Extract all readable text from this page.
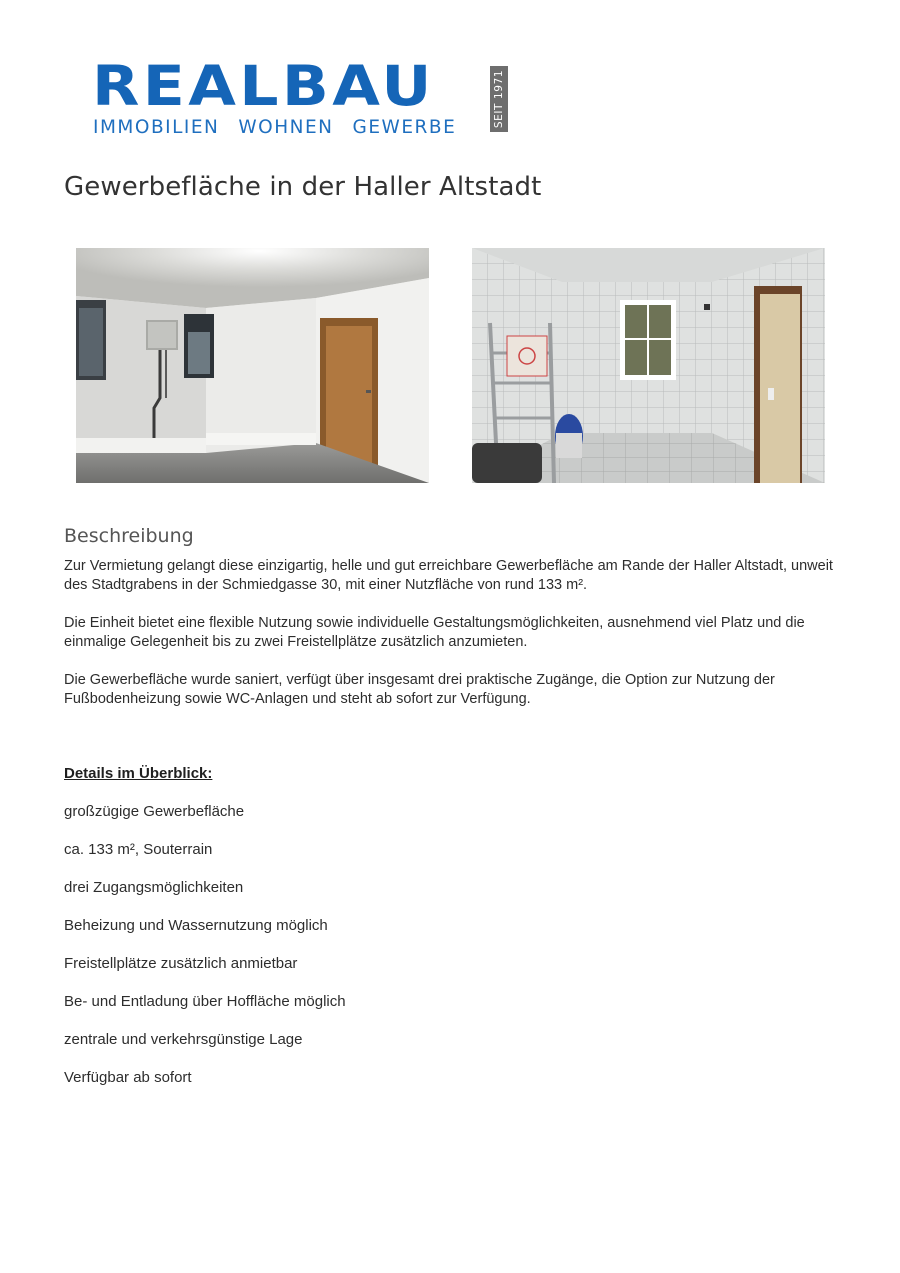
REALBAU
IMMOBILIEN WOHNEN GEWERBE	SEIT 1971
Gewerbefläche in der Haller Altstadt
Beschreibung

Zur Vermietung gelangt diese einzigartig, helle und gut erreichbare Gewerbefläche am Rande der Haller Altstadt, unweit des Stadtgrabens in der Schmiedgasse 30, mit einer Nutzfläche von rund 133 m².

Die Einheit bietet eine flexible Nutzung sowie individuelle Gestaltungsmöglichkeiten, ausnehmend viel Platz und die einmalige Gelegenheit bis zu zwei Freistellplätze zusätzlich anzumieten.

Die Gewerbefläche wurde saniert, verfügt über insgesamt drei praktische Zugänge, die Option zur Nutzung der Fußbodenheizung sowie WC-Anlagen und steht ab sofort zur Verfügung.

Details im Überblick:
großzügige Gewerbefläche
ca. 133 m², Souterrain
drei Zugangsmöglichkeiten
Beheizung und Wassernutzung möglich
Freistellplätze zusätzlich anmietbar
Be- und Entladung über Hoffläche möglich
zentrale und verkehrsgünstige Lage
Verfügbar ab sofort
